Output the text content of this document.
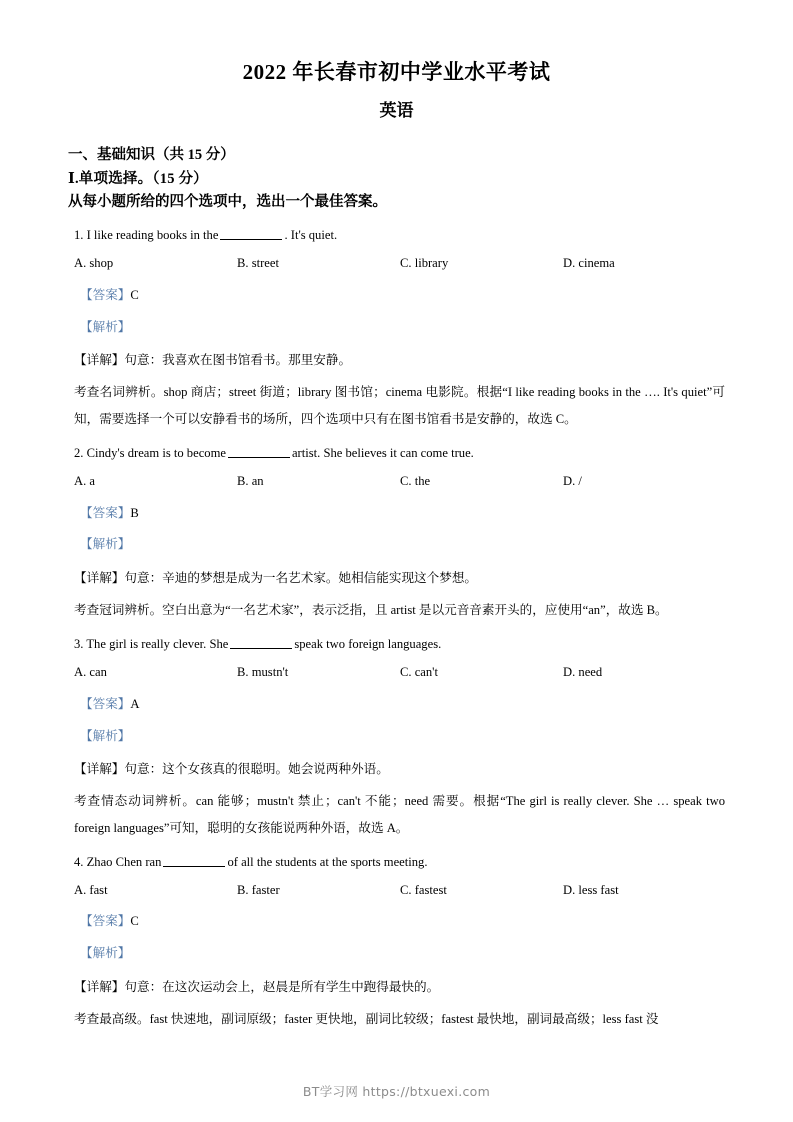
2022 年长春市初中学业水平考试
英语

一、基础知识（共 15 分）

Ⅰ.单项选择。（15 分）

从每小题所给的四个选项中，选出一个最佳答案。

1. I like reading books in the	. It's quiet.

A. shop	B. street	C. library	D. cinema

【答案】C

【解析】

【详解】句意：我喜欢在图书馆看书。那里安静。

考查名词辨析。shop 商店；street 街道；library 图书馆；cinema 电影院。根据“I like reading books in the …. It's quiet”可知，需要选择一个可以安静看书的场所，四个选项中只有在图书馆看书是安静的，故选 C。

2. Cindy's dream is to become	artist. She believes it can come true.

A. a	B. an	C. the	D. /

【答案】B

【解析】

【详解】句意：辛迪的梦想是成为一名艺术家。她相信能实现这个梦想。

考查冠词辨析。空白出意为“一名艺术家”，表示泛指，且 artist 是以元音音素开头的，应使用“an”，故选 B。

3. The girl is really clever. She	speak two foreign languages.

A. can	B. mustn't	C. can't	D. need

【答案】A

【解析】

【详解】句意：这个女孩真的很聪明。她会说两种外语。

考查情态动词辨析。can 能够；mustn't 禁止；can't 不能；need 需要。根据“The girl is really clever. She … speak two foreign languages”可知，聪明的女孩能说两种外语，故选 A。

4. Zhao Chen ran	of all the students at the sports meeting.

A. fast	B. faster	C. fastest	D. less fast

【答案】C

【解析】

【详解】句意：在这次运动会上，赵晨是所有学生中跑得最快的。

考查最高级。fast 快速地，副词原级；faster 更快地，副词比较级；fastest 最快地，副词最高级；less fast 没

BT学习网 https://btxuexi.com
